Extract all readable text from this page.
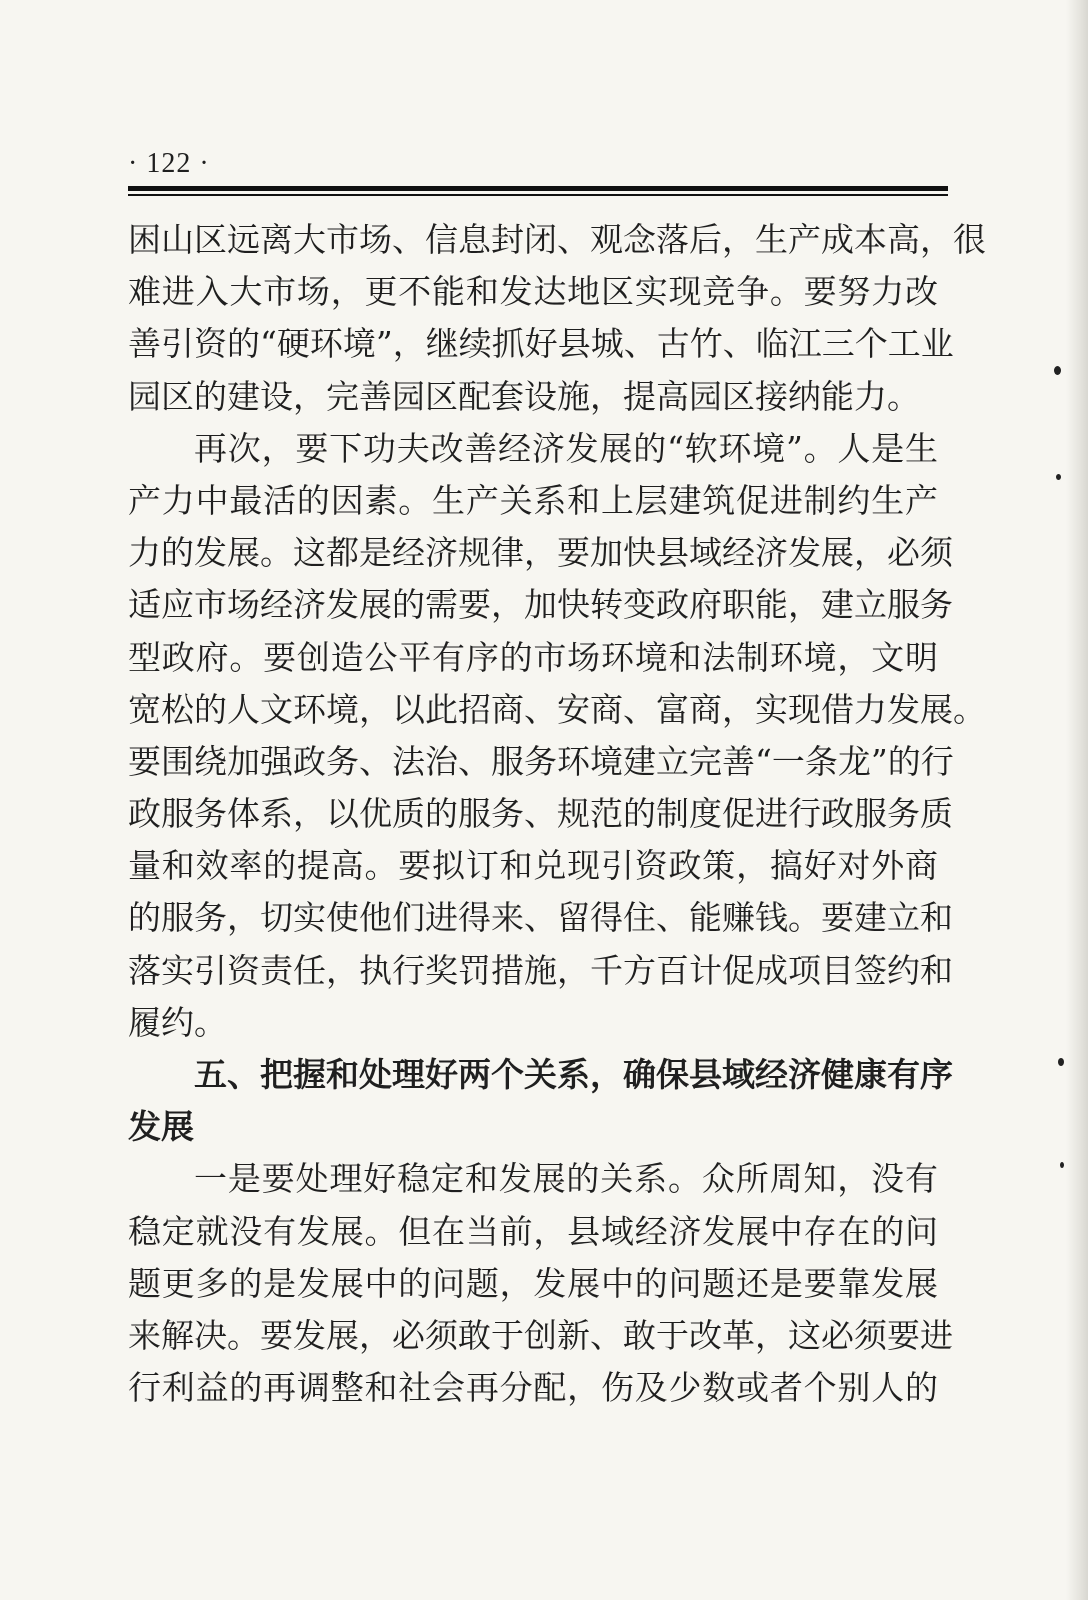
· 122 ·
困山区远离大市场、信息封闭、观念落后，生产成本高，很
难进入大市场，更不能和发达地区实现竞争。要努力改
善引资的“硬环境”，继续抓好县城、古竹、临江三个工业
园区的建设，完善园区配套设施，提高园区接纳能力。
再次，要下功夫改善经济发展的“软环境”。人是生
产力中最活的因素。生产关系和上层建筑促进制约生产
力的发展。这都是经济规律，要加快县域经济发展，必须
适应市场经济发展的需要，加快转变政府职能，建立服务
型政府。要创造公平有序的市场环境和法制环境，文明
宽松的人文环境，以此招商、安商、富商，实现借力发展。
要围绕加强政务、法治、服务环境建立完善“一条龙”的行
政服务体系，以优质的服务、规范的制度促进行政服务质
量和效率的提高。要拟订和兑现引资政策，搞好对外商
的服务，切实使他们进得来、留得住、能赚钱。要建立和
落实引资责任，执行奖罚措施，千方百计促成项目签约和
履约。
五、把握和处理好两个关系，确保县域经济健康有序
发展
一是要处理好稳定和发展的关系。众所周知，没有
稳定就没有发展。但在当前，县域经济发展中存在的问
题更多的是发展中的问题，发展中的问题还是要靠发展
来解决。要发展，必须敢于创新、敢于改革，这必须要进
行利益的再调整和社会再分配，伤及少数或者个别人的
